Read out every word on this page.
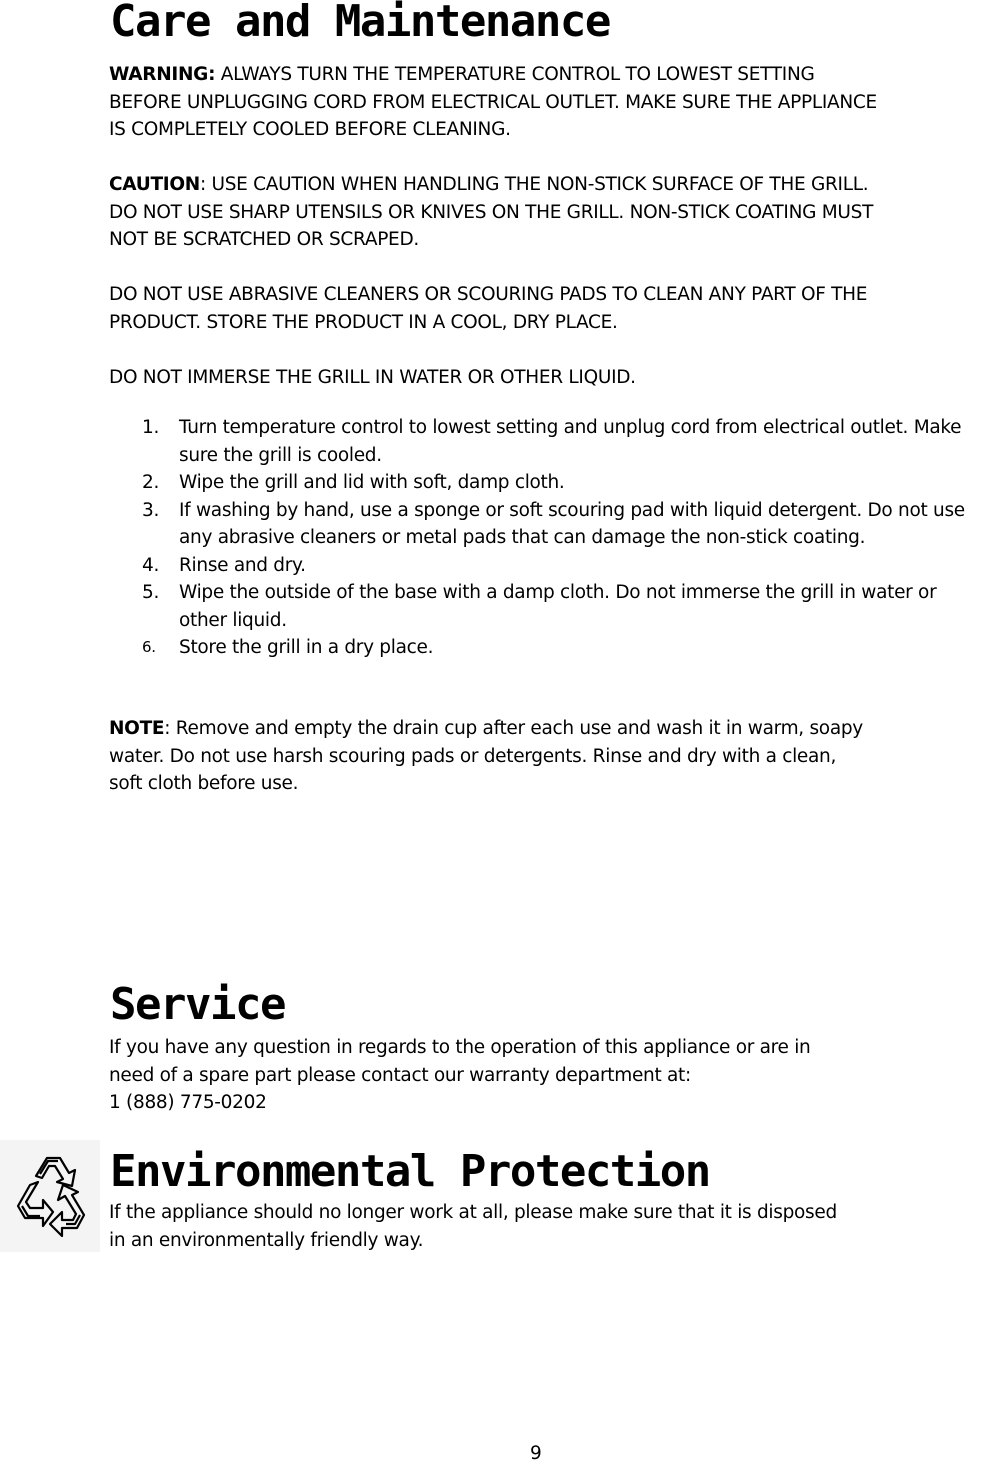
Care and Maintenance

WARNING: ALWAYS TURN THE TEMPERATURE CONTROL TO LOWEST SETTING
BEFORE UNPLUGGING CORD FROM ELECTRICAL OUTLET. MAKE SURE THE APPLIANCE
IS COMPLETELY COOLED BEFORE CLEANING.

CAUTION: USE CAUTION WHEN HANDLING THE NON-STICK SURFACE OF THE GRILL.
DO NOT USE SHARP UTENSILS OR KNIVES ON THE GRILL. NON-STICK COATING MUST
NOT BE SCRATCHED OR SCRAPED.

DO NOT USE ABRASIVE CLEANERS OR SCOURING PADS TO CLEAN ANY PART OF THE
PRODUCT. STORE THE PRODUCT IN A COOL, DRY PLACE.

DO NOT IMMERSE THE GRILL IN WATER OR OTHER LIQUID.

1. Turn temperature control to lowest setting and unplug cord from electrical outlet. Make sure the grill is cooled.
2. Wipe the grill and lid with soft, damp cloth.
3. If washing by hand, use a sponge or soft scouring pad with liquid detergent. Do not use any abrasive cleaners or metal pads that can damage the non-stick coating.
4. Rinse and dry.
5. Wipe the outside of the base with a damp cloth. Do not immerse the grill in water or other liquid.
6. Store the grill in a dry place.

NOTE: Remove and empty the drain cup after each use and wash it in warm, soapy
water. Do not use harsh scouring pads or detergents. Rinse and dry with a clean,
soft cloth before use.

Service

If you have any question in regards to the operation of this appliance or are in
need of a spare part please contact our warranty department at:

1 (888) 775-0202

Environmental Protection

If the appliance should no longer work at all, please make sure that it is disposed
in an environmentally friendly way.

9
